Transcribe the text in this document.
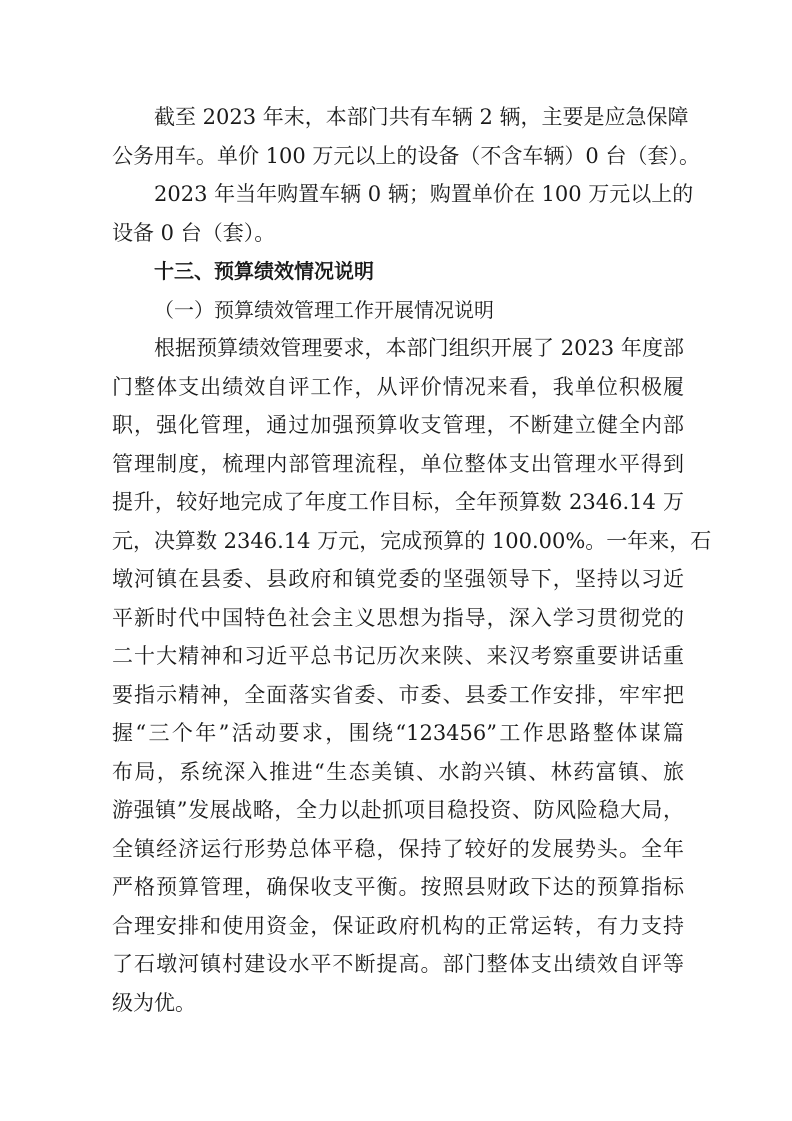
截至 2023 年末，本部门共有车辆 2 辆，主要是应急保障
公务用车。单价 100 万元以上的设备（不含车辆）0 台（套）。
2023 年当年购置车辆 0 辆；购置单价在 100 万元以上的
设备 0 台（套）。
十三、预算绩效情况说明
（一）预算绩效管理工作开展情况说明
根据预算绩效管理要求，本部门组织开展了 2023 年度部
门整体支出绩效自评工作，从评价情况来看，我单位积极履
职，强化管理，通过加强预算收支管理，不断建立健全内部
管理制度，梳理内部管理流程，单位整体支出管理水平得到
提升，较好地完成了年度工作目标，全年预算数 2346.14 万
元，决算数 2346.14 万元，完成预算的 100.00%。一年来，石
墩河镇在县委、县政府和镇党委的坚强领导下，坚持以习近
平新时代中国特色社会主义思想为指导，深入学习贯彻党的
二十大精神和习近平总书记历次来陕、来汉考察重要讲话重
要指示精神，全面落实省委、市委、县委工作安排，牢牢把
握“三个年”活动要求，围绕“123456”工作思路整体谋篇
布局，系统深入推进“生态美镇、水韵兴镇、林药富镇、旅
游强镇”发展战略，全力以赴抓项目稳投资、防风险稳大局，
全镇经济运行形势总体平稳，保持了较好的发展势头。全年
严格预算管理，确保收支平衡。按照县财政下达的预算指标
合理安排和使用资金，保证政府机构的正常运转，有力支持
了石墩河镇村建设水平不断提高。部门整体支出绩效自评等
级为优。
